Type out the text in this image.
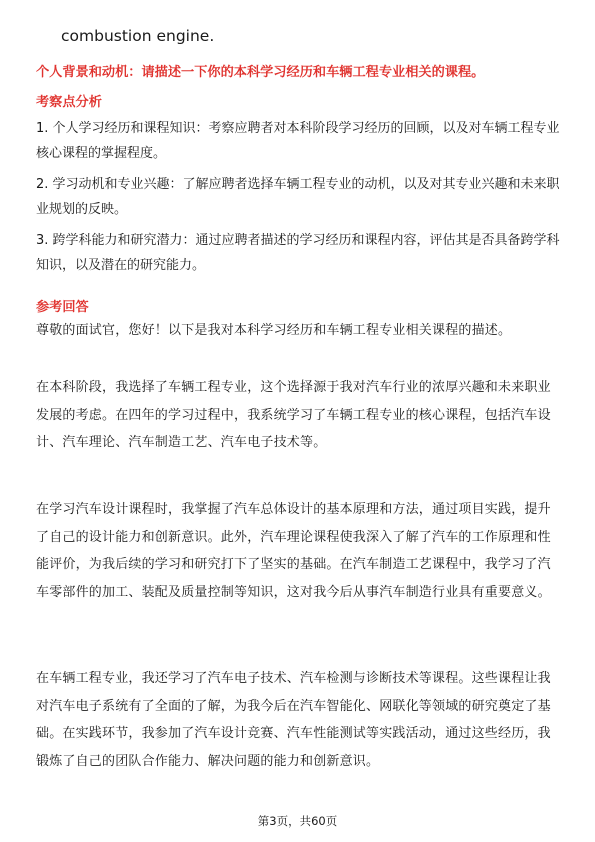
combustion engine.
个人背景和动机：请描述一下你的本科学习经历和车辆工程专业相关的课程。
考察点分析
1. 个人学习经历和课程知识：考察应聘者对本科阶段学习经历的回顾，以及对车辆工程专业核心课程的掌握程度。
2. 学习动机和专业兴趣：了解应聘者选择车辆工程专业的动机，以及对其专业兴趣和未来职业规划的反映。
3. 跨学科能力和研究潜力：通过应聘者描述的学习经历和课程内容，评估其是否具备跨学科知识，以及潜在的研究能力。
参考回答

尊敬的面试官，您好！以下是我对本科学习经历和车辆工程专业相关课程的描述。

在本科阶段，我选择了车辆工程专业，这个选择源于我对汽车行业的浓厚兴趣和未来职业发展的考虑。在四年的学习过程中，我系统学习了车辆工程专业的核心课程，包括汽车设计、汽车理论、汽车制造工艺、汽车电子技术等。

在学习汽车设计课程时，我掌握了汽车总体设计的基本原理和方法，通过项目实践，提升了自己的设计能力和创新意识。此外，汽车理论课程使我深入了解了汽车的工作原理和性能评价，为我后续的学习和研究打下了坚实的基础。在汽车制造工艺课程中，我学习了汽车零部件的加工、装配及质量控制等知识，这对我今后从事汽车制造行业具有重要意义。

在车辆工程专业，我还学习了汽车电子技术、汽车检测与诊断技术等课程。这些课程让我对汽车电子系统有了全面的了解，为我今后在汽车智能化、网联化等领域的研究奠定了基础。在实践环节，我参加了汽车设计竞赛、汽车性能测试等实践活动，通过这些经历，我锻炼了自己的团队合作能力、解决问题的能力和创新意识。

第3页，共60页
